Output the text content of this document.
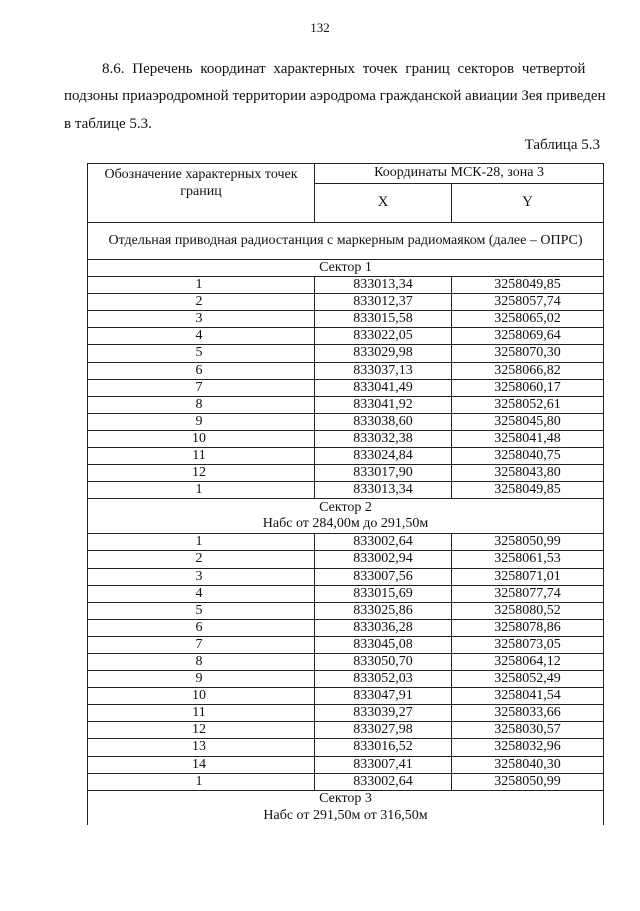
132
8.6. Перечень координат характерных точек границ секторов четвертой
подзоны приаэродромной территории аэродрома гражданской авиации Зея приведен
в таблице 5.3.
Таблица 5.3
Обозначение характерных точек границ	Координаты МСК-28, зона 3	
	X	Y
Отдельная приводная радиостанция с маркерным радиомаяком (далее – ОПРС)		
Сектор 1		
1	833013,34	3258049,85
2	833012,37	3258057,74
3	833015,58	3258065,02
4	833022,05	3258069,64
5	833029,98	3258070,30
6	833037,13	3258066,82
7	833041,49	3258060,17
8	833041,92	3258052,61
9	833038,60	3258045,80
10	833032,38	3258041,48
11	833024,84	3258040,75
12	833017,90	3258043,80
1	833013,34	3258049,85

Сектор 2
Набс от 284,00м до 291,50м		

1	833002,64	3258050,99
2	833002,94	3258061,53
3	833007,56	3258071,01
4	833015,69	3258077,74
5	833025,86	3258080,52
6	833036,28	3258078,86
7	833045,08	3258073,05
8	833050,70	3258064,12
9	833052,03	3258052,49
10	833047,91	3258041,54
11	833039,27	3258033,66
12	833027,98	3258030,57
13	833016,52	3258032,96
14	833007,41	3258040,30
1	833002,64	3258050,99

Сектор 3
Набс от 291,50м от 316,50м		
